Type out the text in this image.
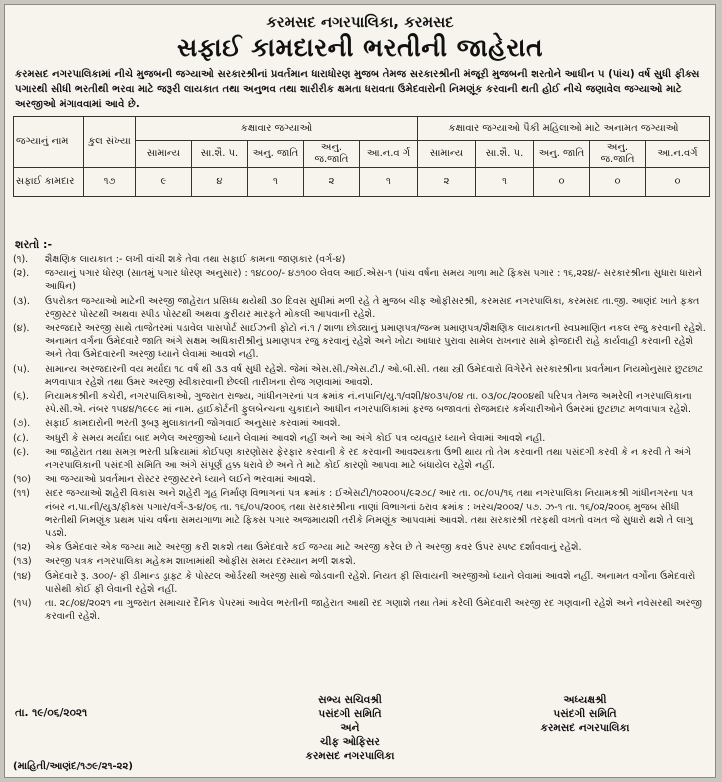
કરમસદ નગરપાલિકા, કરમસદ
સફાઈ કામદારની ભરતીની જાહેરાત
કરમસદ નગરપાલિકામાં નીચે મુજબની જગ્યાઓ સરકારશ્રીનાં પ્રવર્તમાન ધારાધોરણ મુજબ તેમજ સરકારશ્રીની મંજૂરી મુજબની શરતોને આધીન ૫ (પાંચ) વર્ષ સુધી ફીક્સ પગારથી સીધી ભરતીથી ભરવા માટે જરૂરી લાયકાત તથા અનુભવ તથા શારીરીક ક્ષમતા ધરાવતા ઉમેદવારોની નિમણૂંક કરવાની થતી હોઈ નીચે જણાવેલ જગ્યાઓ માટે અરજીઓ મંગાવવામાં આવે છે.
જગ્યાનું નામ	કુલ સંખ્યા	કક્ષાવાર જગ્યાઓ					કક્ષાવાર જગ્યાઓ પૈકી મહિલાઓ માટે અનામત જગ્યાઓ				
		સામાન્ય	સા.શૈ. પ.	અનુ. જાતિ	અનુ. જ.જાતિ	આ.ન.વ ર્ગ	સામાન્ય	સા.શૈ. પ.	અનુ. જાતિ	અનુ. જ.જાતિ	આ.ન.વર્ગ
સફાઈ કામદાર	૧૭	૯	૪	૧	૨	૧	૨	૧	૦	૦	૦
શરતો :-
(૧).	શૈક્ષણિક લાયકાત :- લખી વાંચી શકે તેવા તથા સફાઈ કામના જાણકાર (વર્ગ-૪)
(૨).	જગ્યાનું પગાર ધોરણ (સાતમું પગાર ધોરણ અનુસાર) : ૧૪૮૦૦/- ૪૭૧૦૦ લેવલ આઈ.એસ-૧ (પાંચ વર્ષના સમય ગાળા માટે ફિક્સ પગાર : ૧૬,૨૨૪/- સરકારશ્રીના સુધારા ધારાને આધિન)
(૩).	ઉપરોક્ત જગ્યાઓ માટેની અરજી જાહેરાત પ્રસિધ્ધ થયેથી ૩૦ દિવસ સુધીમાં મળી રહે તે મુજબ ચીફ ઓફીસરશ્રી, કરમસદ નગરપાલિકા, કરમસદ તા.જી. આણંદ ખાતે ફક્ત રજીસ્ટર પોસ્ટથી અથવા સ્પીડ પોસ્ટથી અથવા કુરીયર મારફતે મોકલી આપવાની રહેશે.
(૪).	અરજદારે અરજી સાથે તાજેતરમાં પડાવેલ પાસપોર્ટ સાઈઝની ફોટો નં.૧ / શાળા છોડ્યાનું પ્રમાણપત્ર/જન્મ પ્રમાણપત્ર/શૈક્ષણિક લાયકાતની સ્વપ્રમાણિત નકલ રજુ કરવાની રહેશે. અનામત વર્ગના ઉમેદવારે જાતિ અંગે સક્ષમ અધિકારીશ્રીનું પ્રમાણપત્ર રજુ કરવાનું રહેશે અને ખોટા આધાર પુરાવા સામેલ રાખનાર સામે ફોજદારી રાહે કાર્યવાહી કરવાની રહેશે અને તેવા ઉમેદવારની અરજી ધ્યાને લેવામાં આવશે નહી.
(૫).	સામાન્ય અરજદારની વય મર્યાદા ૧૮ વર્ષ થી ૩૩ વર્ષ સુધી રહેશે. જેમાં એસ.સી./એસ.ટી./ ઓ.બી.સી. તથા સ્ત્રી ઉમેદવારો વિગેરેને સરકારશ્રીના પ્રવર્તમાન નિયમોનુસાર છુટછાટ મળવાપાત્ર રહેશે તથા ઉમર અરજી સ્વીકારવાની છેલ્લી તારીખના રોજ ગણવામાં આવશે.
(૬).	નિયામકશ્રીની કચેરી, નગરપાલિકાઓ, ગુજરાત રાજ્ય, ગાંધીનગરનાં પત્ર ક્રમાંક નં.નપાનિ/યુ.૧/વશી/૪૦૩૫/૦૪ તા. ૦૩/૦૮/૨૦૦૪થી પરિપત્ર તેમજ અમરેલી નગરપાલિકાના સ્પે.સી.એ. નંબર ૧૫૪૪/૧૯૯૯ માં નામ. હાઈકોર્ટની ફુલબેન્ચના ચુકાદાને આધીન નગરપાલિકામાં ફરજ બજાવતાં રોજમદાર કર્મચારીઓને ઉંમરમાં છુટછાટ મળવાપાત્ર રહેશે.
(૭).	સફાઈ કામદારોની ભરતી રૂબરૂ મુલાકાતની જોગવાઈ અનુસાર કરવામાં આવશે.
(૮).	અધુરી કે સમય મર્યાદા બાદ મળેલ અરજીઓ ધ્યાને લેવામાં આવશે નહીં અને આ અંગે કોઈ પત્ર વ્યવહાર ધ્યાને લેવામાં આવશે નહી.
(૯).	આ જાહેરાત તથા સમગ્ર ભરતી પ્રક્રિયામાં કોઈપણ કારણોસર ફેરફાર કરવાની કે રદ કરવાની આવશ્યકતા ઉભી થાય તો તેમ કરવાની તથા પસંદગી કરવી કે ન કરવી તે અંગે નગરપાલિકાની પસંદગી સમિતિ આ અંગે સંપૂર્ણ હક્ક ધરાવે છે અને તે માટે કોઈ કારણો આપવા માટે બંધાયેલ રહેશે નહીં.
(૧૦)	આ જગ્યાઓ પ્રવર્તમાન રોસ્ટર રજીસ્ટરને ધ્યાને લઈને ભરવામાં આવશે.
(૧૧)	સદર જગ્યાઓ શહેરી વિકાસ અને શહેરી ગૃહ નિર્માણ વિભાગનાં પત્ર ક્રમાંક : ઈએસટી/૧૦૨૦૦૫/૯૨૭૮/ આર તા. ૦૮/૦૫/૧૬ તથા નગરપાલિકા નિયામકશ્રી ગાંધીનગરના પત્ર નંબર ન.પા.ની/યુ૩/ફીક્સ પગાર/વર્ગ-૩-૪/૦૬ તા. ૧૬/૦૫/૨૦૦૬ તથા સરકારશ્રીના નાણાં વિભાગનાં ઠરાવ ક્રમાંક : ખરચ/૨૦૦૨/ ૫૭. ઝ-૧ તા. ૧૬/૦૨/૨૦૦૬ મુજબ સીધી ભરતીથી નિમણૂંક પ્રથમ પાંચ વર્ષના સમયગાળા માટે ફિક્સ પગાર અજમાયશી તરીકે નિમણૂંક આપવામાં આવશે. તથા સરકારશ્રી તરફથી વખતો વખત જે સુધારો થશે તે લાગુ પડશે.
(૧૨)	એક ઉમેદવાર એક જગ્યા માટે અરજી કરી શકશે તથા ઉમેદવારે કઈ જગ્યા માટે અરજી કરેલ છે તે અરજી કવર ઉપર સ્પષ્ટ દર્શાવવાનું રહેશે.
(૧૩)	અરજી પત્રક નગરપાલિકા મહેકમ શાખામાંથી ઓફીસ સમય દરમ્યાન મળી શકશે.
(૧૪)	ઉમેદવારે રૂ. ૩૦૦/- ફી ડીમાન્ડ ડ્રાફ્ટ કે પોસ્ટલ ઓર્ડરથી અરજી સાથે જોડવાની રહેશે. નિયત ફી સિવાયની અરજીઓ ધ્યાને લેવામાં આવશે નહીં. અનામત વર્ગોના ઉમેદવારો પાસેથી કોઈ ફી લેવાની રહેશે નહીં.
(૧૫)	તા. ૨૮/૦૪/૨૦૨૧ ના ગુજરાત સમાચાર દૈનિક પેપરમાં આવેલ ભરતીની જાહેરાત આથી રદ ગણાશે તથા તેમાં કરેલી ઉમેદવારી અરજી રદ ગણવાની રહેશે અને નવેસરથી અરજી કરવાની રહેશે.
તા. ૧૯/૦૬/૨૦૨૧
સભ્ય સચિવશ્રી
પસંદગી સમિતિ
અને
ચીફ ઓફિસર
કરમસદ નગરપાલિકા
અધ્યક્ષશ્રી
પસંદગી સમિતિ
કરમસદ નગરપાલિકા
(માહિતી/આણંદ/૧૭૯/૨૧-૨૨)
